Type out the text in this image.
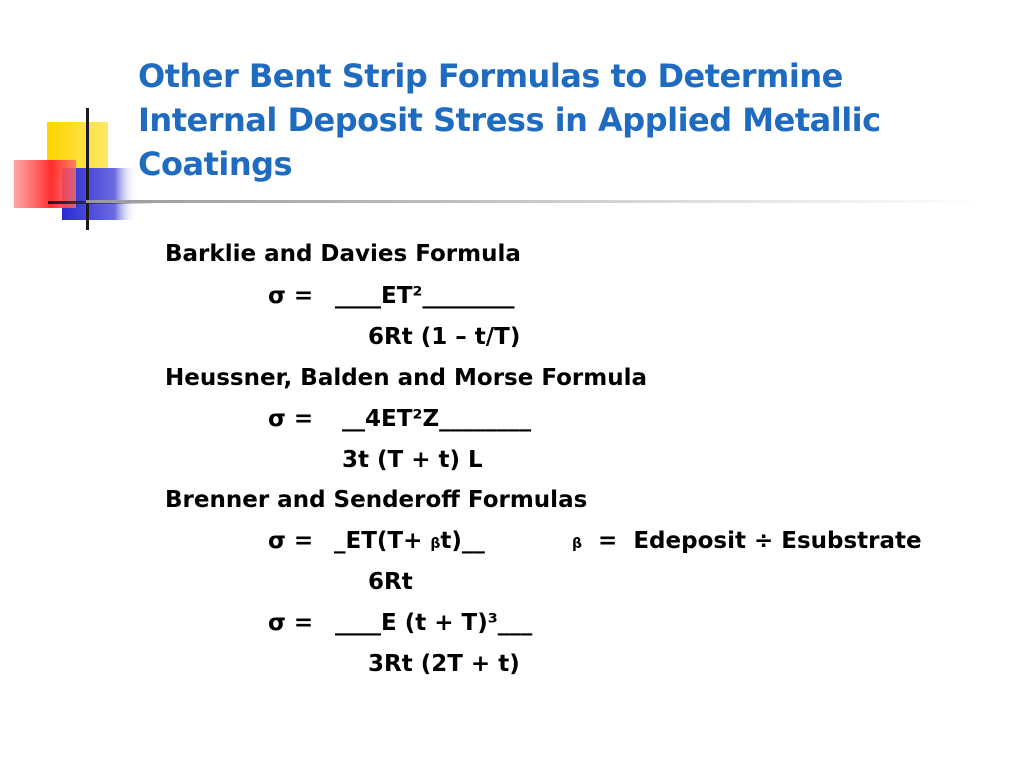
Other Bent Strip Formulas to Determine
Internal Deposit Stress in Applied Metallic
Coatings
Barklie and Davies Formula
σ = ____ET²________
6Rt (1 – t/T)
Heussner, Balden and Morse Formula
σ = __4ET²Z________
3t (T + t) L
Brenner and Senderoff Formulas
σ = _ET(T+ βt)__	β =  Edeposit ÷ Esubstrate
6Rt
σ = ____E (t + T)³___
3Rt (2T + t)
